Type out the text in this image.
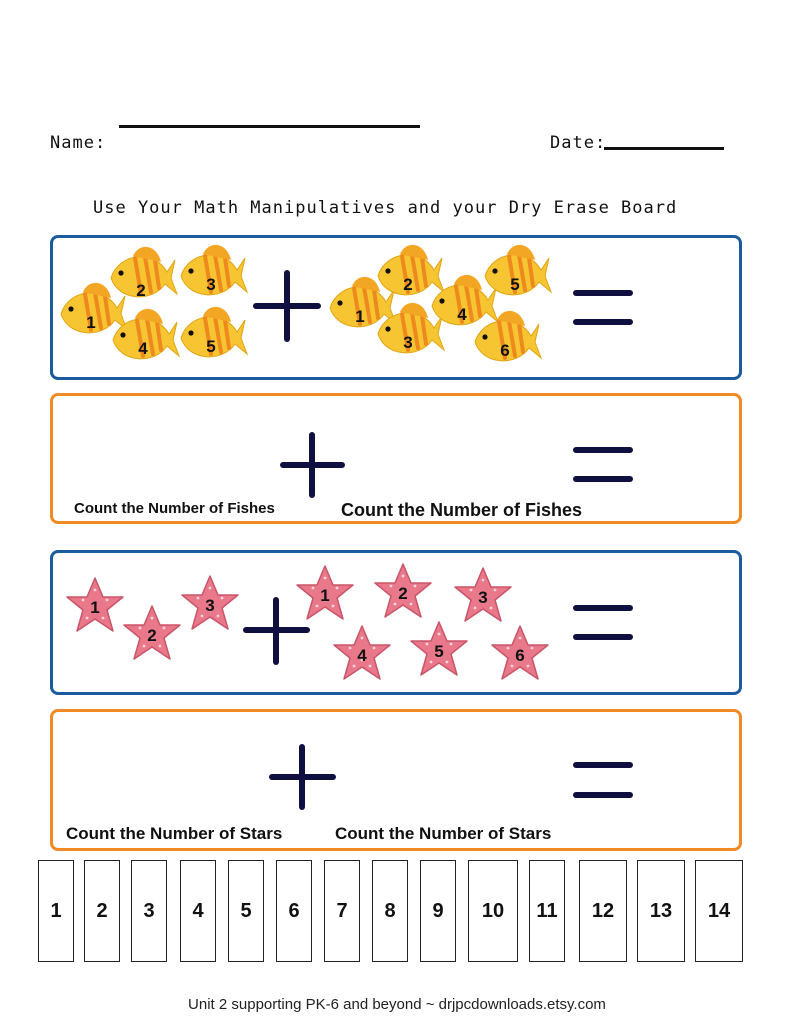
Name:	Date:
Use Your Math Manipulatives and your Dry Erase Board
1
2	3
4	5
1
2
3
4
5
6
Count the Number of Fishes	Count the Number of Fishes
1
2
3
1	2	3
4	5	6
Count the Number of Stars	Count the Number of Stars
1	2	3	4	5	6	7	8	9	10	11	12	13	14
Unit 2 supporting PK-6 and beyond ~ drjpcdownloads.etsy.com
